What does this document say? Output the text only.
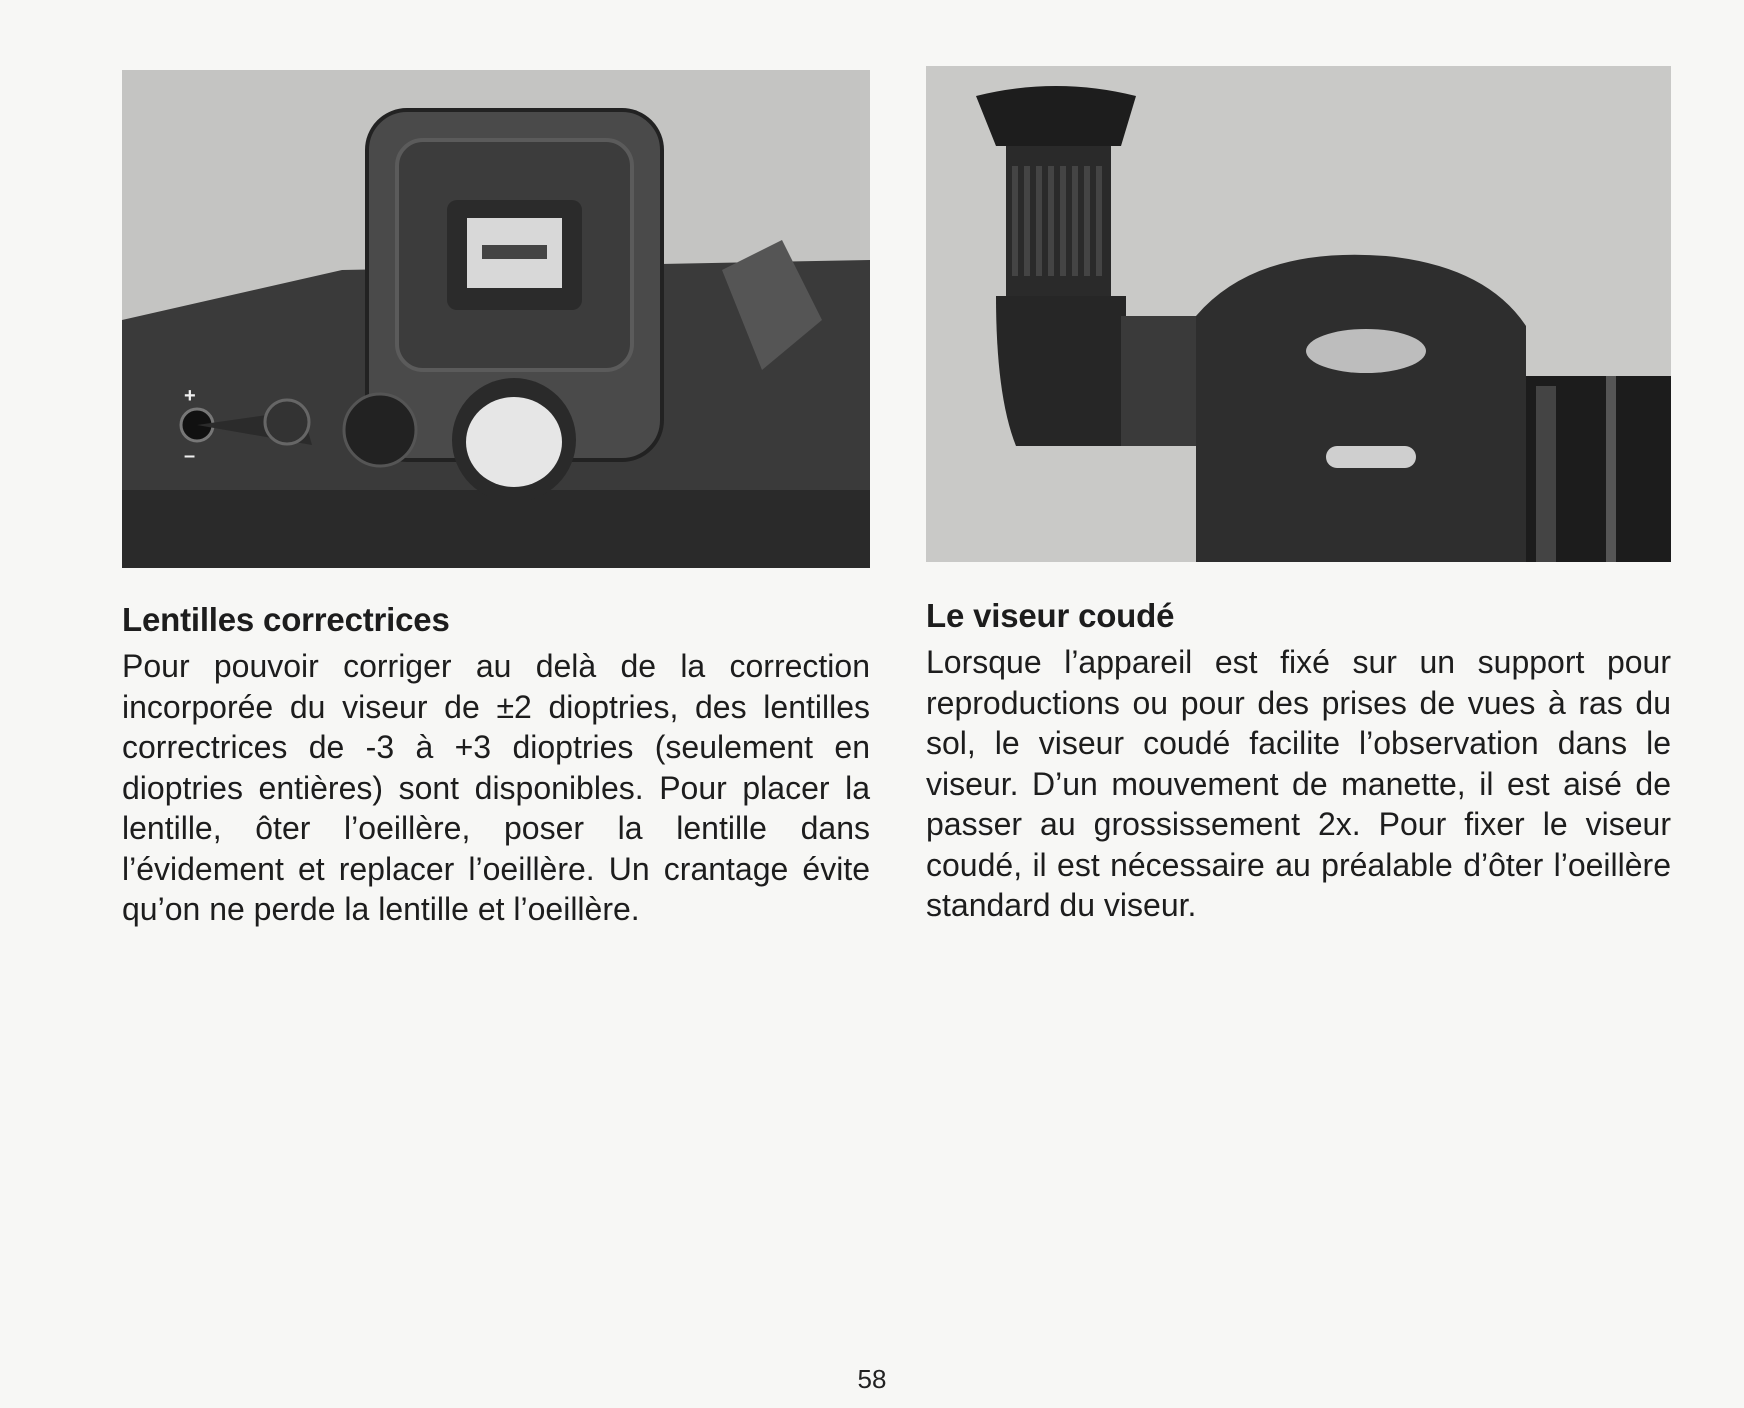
+
–
Lentilles correctrices

Pour pouvoir corriger au delà de la correction incorporée du viseur de ±2 dioptries, des lentilles correctrices de -3 à +3 dioptries (seulement en dioptries entières) sont disponibles. Pour placer la lentille, ôter l’oeillère, poser la lentille dans l’évidement et replacer l’oeillère. Un crantage évite qu’on ne perde la lentille et l’oeillère.

Le viseur coudé

Lorsque l’appareil est fixé sur un support pour reproductions ou pour des prises de vues à ras du sol, le viseur coudé facilite l’observation dans le viseur. D’un mouvement de manette, il est aisé de passer au grossissement 2x. Pour fixer le viseur coudé, il est nécessaire au préalable d’ôter l’oeillère standard du viseur.

58
